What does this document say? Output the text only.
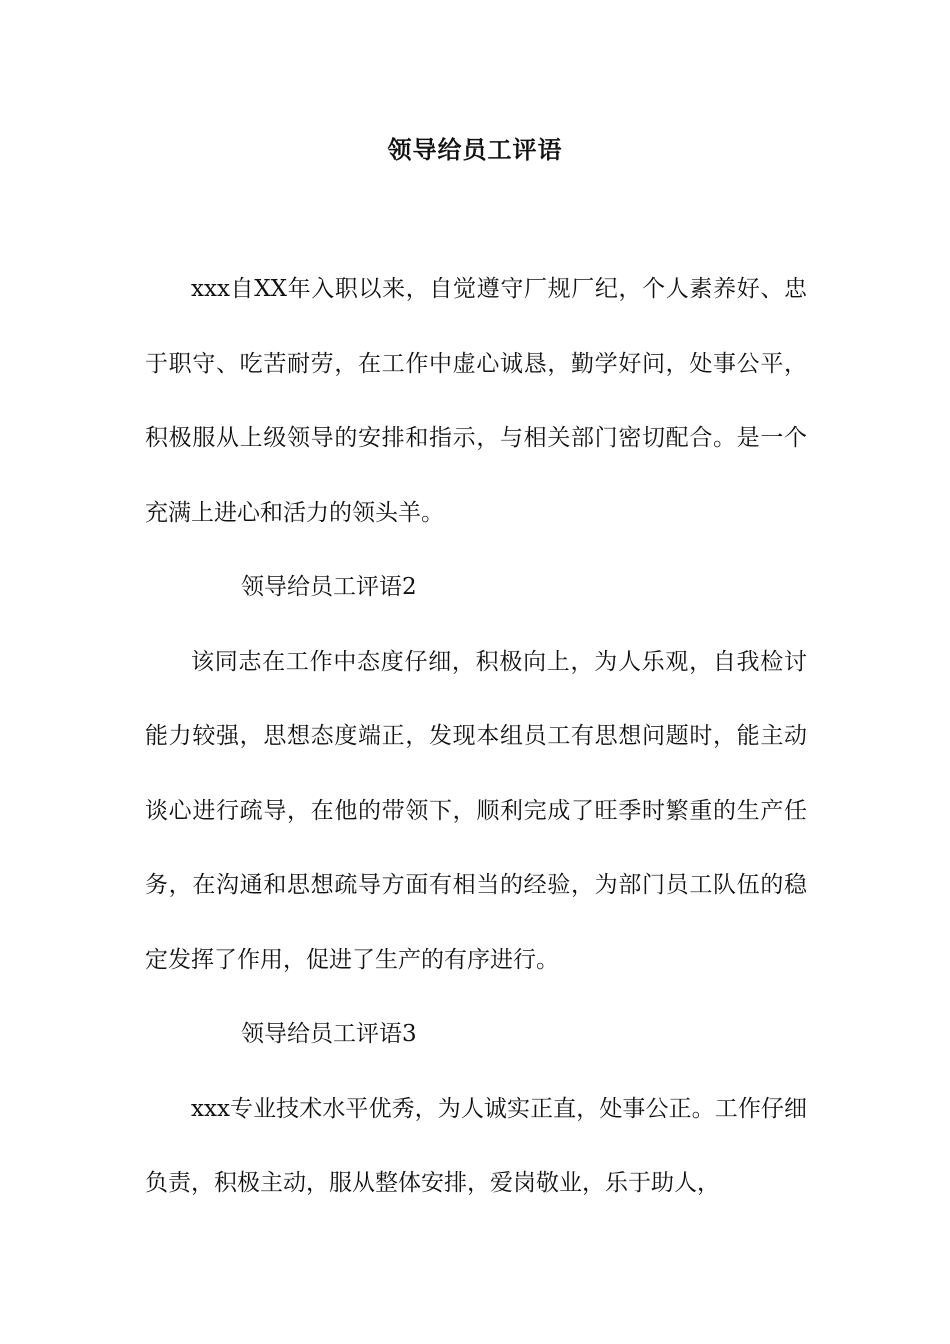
领导给员工评语

xxx自XX年入职以来，自觉遵守厂规厂纪，个人素养好、忠于职守、吃苦耐劳，在工作中虚心诚恳，勤学好问，处事公平，积极服从上级领导的安排和指示，与相关部门密切配合。是一个充满上进心和活力的领头羊。

领导给员工评语2

该同志在工作中态度仔细，积极向上，为人乐观，自我检讨能力较强，思想态度端正，发现本组员工有思想问题时，能主动谈心进行疏导，在他的带领下，顺利完成了旺季时繁重的生产任务，在沟通和思想疏导方面有相当的经验，为部门员工队伍的稳定发挥了作用，促进了生产的有序进行。

领导给员工评语3

xxx专业技术水平优秀，为人诚实正直，处事公正。工作仔细负责，积极主动，服从整体安排，爱岗敬业，乐于助人，
